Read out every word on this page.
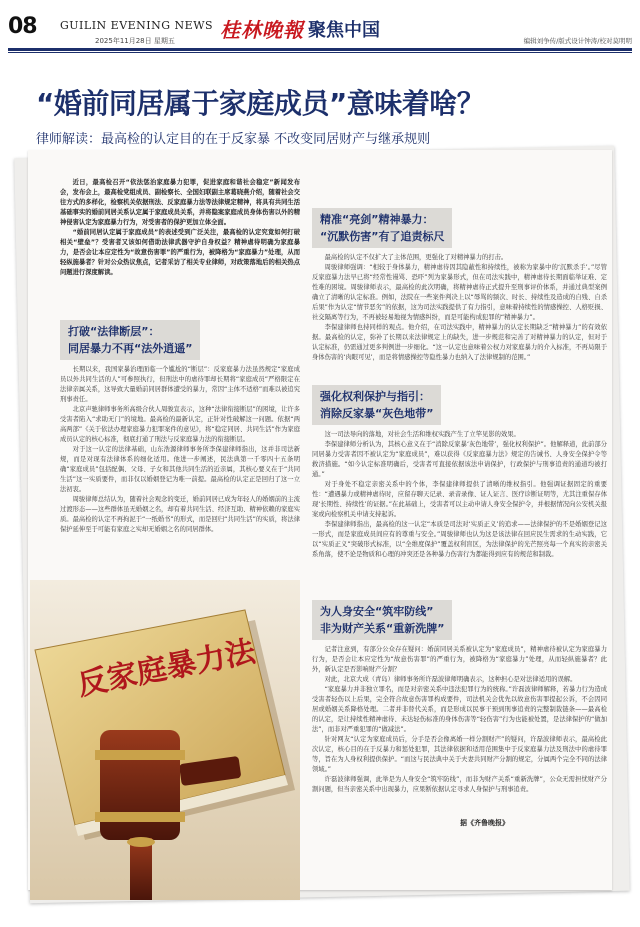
08 GUILIN EVENING NEWS
2025年11月28日 星期五 桂林晚報 聚焦中国	编辑刘争传/版式设计钟涛/校对莫明明
“婚前同居属于家庭成员”意味着啥？
律师解读：最高检的认定目的在于反家暴 不改变同居财产与继承规则

近日，最高检召开“依法惩治家庭暴力犯罪，促进家庭和谐社会稳定”新闻发布会，发布会上，最高检党组成员、副检察长、全国妇联副主席葛晓燕介绍，随着社会交往方式的多样化，检察机关依据刑法、反家庭暴力法等法律规定精神，将具有共同生活基础事实的婚前同居关系认定属于家庭成员关系，并将隐案家庭成员身体伤害以外的精神侵害认定为家庭暴力行为，对受害者的保护更加立体全面。

“婚前同居认定属于家庭成员”的表述受到广泛关注，最高检的认定究竟如何打破相关“壁垒”？受害者又该如何借助法律武器守护自身权益？精神虐待明确为家庭暴力，是否会让本应定性为“故意伤害罪”的严重行为，被降格为“家庭暴力”处理，从而轻纵施暴者？针对公众热议焦点，记者采访了相关专业律师，对政策落地后的相关热点问题进行深度解读。

打破“法律断层”：
同居暴力不再“法外逍遥”

长期以来，我国家暴治理面临一个尴尬的“断层”：反家庭暴力法虽然规定“家庭成员以外共同生活的人”可参照执行，但刑法中的虐待罪却长期将“家庭成员”严格限定在法律亲属关系，这导致大量婚前同居群体遭受的暴力，常因“主体不适格”而难以被追究刑事责任。

北京声驰律师事务所高级合伙人周骏宣表示，这种“法律衔接断层”的困境，让许多受害者陷入“求助无门”的境地。最高检的最新认定，正针对性破解这一问题。依据“两高两部”《关于依法办理家庭暴力犯罪案件的意见》，将“稳定同居、共同生活”作为家庭成员认定的核心标准，彻底打通了刑法与反家庭暴力法的衔接断层。

对于这一认定的法律基础，山东浩源律师事务所李保建律师指出，这并非司法新规，而是对现有法律体系的细化适用。他进一步阐述，民法典第一千零四十五条明确“家庭成员”包括配偶、父母、子女和其他共同生活的近亲属，其核心要义在于“共同生活”这一实质要件，而非仅以婚姻登记为唯一前提。最高检的认定正是回归了这一立法初衷。

周骏律师总结认为，随着社会观念的变迁，婚前同居已成为年轻人的婚姻前的主流过渡形态——这些群体虽无婚姻之名，却有着共同生活、经济互助、精神依赖的家庭实质。最高检的认定不再拘泥于“一纸婚书”的形式，而是回归“共同生活”的实质，将法律保护延伸至于可能有家庭之实却无婚姻之名的同居群体。

精准“亮剑”精神暴力：
“沉默伤害”有了追责标尺

最高检的认定不仅扩大了主体范围，更强化了对精神暴力的打击。

周骏律师强调：“相较于身体暴力，精神虐待因其隐蔽性和持续性，被称为家暴中的‘沉默杀手’。”尽管反家庭暴力法早已将“经常性谩骂、恐吓”列为家暴形式，但在司法实践中，精神虐待长期面临举证难、定性难的困境。周骏律师表示，最高检的此次明确，将精神虐待正式提升至刑事评价体系，并通过典型案例确立了清晰的认定标准。例如，法院在一些案件判决上以“辱骂的频次、时长、持续性及造成的自残、自杀后果”作为认定“情节恶劣”的依据，这为司法实践提供了有力指引，意味着持续性的情感操控、人格贬损、社交隔离等行为，不再被轻易地视为情感纠纷，而是可能构成犯罪的“精神暴力”。

李保建律师也持同样的观点。他介绍，在司法实践中，精神暴力的认定长期缺乏“精神暴力”的有效依据。最高检的认定，弥补了长期以来法律规定上的缺失，进一步规范和完善了对精神暴力的认定，但对于认定标准，仍需通过更多判例进一步细化。“这一认定也意味着公权力对家庭暴力的介入标准，不再局限于身体伤害的‘肉眼可见’，而是将情感操控等隐性暴力也纳入了法律规制的范围。”

强化权利保护与指引：
消除反家暴“灰色地带”

这一司法导向的落地，对社会生活和维权实践产生了立竿见影的效果。

李保建律师分析认为，其核心意义在于“消除反家暴‘灰色地带’，强化权利保护”。他解释道，此前部分同居暴力受害者因不被认定为“家庭成员”，难以获得《反家庭暴力法》规定的告诫书、人身安全保护令等救济措施。“如今认定标准明确后，受害者可直接依据该法申请保护，行政保护与刑事追责的通道均被打通。”

对于身处不稳定亲密关系中的个体，李保建律师提供了清晰的维权指引。他强调证据固定的重要性：“遭遇暴力或精神虐待时，应留存聊天记录、录音录像、证人证言、医疗诊断证明等，尤其注重保存体现‘长期性、持续性’的证据。”在此基础上，受害者可以主动申请人身安全保护令，并根据情况向公安机关报案或向检察机关申请支持起诉。

李保建律师指出，最高检的这一认定“本质是司法对‘实质正义’的追求——法律保护的不是婚姻登记这一形式，而是家庭成员间应有的尊重与安全。”周骏律师也认为这是该法律在回应民生需求的生动实践，它以“实质正义”突破形式标准，以“全维度保护”覆盖权利盲区，为法律保护的光芒照亮每一个真实的亲密关系角落，使不论是物质和心理的冲突还是各种暴力伤害行为都能得到应有的规范和制裁。

为人身安全“筑牢防线”
非为财产关系“重新洗牌”

记者注意到，有部分公众存在疑问：婚前同居关系被认定为“家庭成员”，精神虐待被认定为家庭暴力行为，是否会让本应定性为“故意伤害罪”的严重行为，被降格为“家庭暴力”处理，从而轻纵施暴者？此外，新认定是否影响财产分割？

对此，北京大成（青岛）律师事务所许磊波律师明确表示，这种担心是对法律适用的误解。

“家庭暴力并非独立罪名，而是对亲密关系中违法犯罪行为的统称。”许磊波律师解释，若暴力行为造成受害者轻伤以上后果，完全符合故意伤害罪构成要件，司法机关会优先以故意伤害罪提起公诉，不会因同居或婚姻关系降格处理。二者并非替代关系，而是形成以民事干预到刑事追责的完整制裁链条——最高检的认定，是让持续性精神虐待、未达轻伤标准的身体伤害等“轻伤害”行为也能被处置，是法律保护的“做加法”，而非对严重犯罪的“做减法”。

针对网友“认定为家庭成员后，分手是否会像离婚一样分割财产”的疑问，许磊波律师表示，最高检此次认定，核心目的在于反暴力和惩处犯罪，其法律依据和适用范围集中于反家庭暴力法及刑法中的虐待罪等，旨在为人身权利提供保护。“而这与民法典中关于夫妻共同财产分割的规定，分属两个完全不同的法律领域。”

许磊波律师强调，此举是为人身安全“筑牢防线”，而非为财产关系“重新洗牌”，公众无需担忧财产分割问题，但当亲密关系中出现暴力，应果断依据认定寻求人身保护与刑事追责。

据《齐鲁晚报》
反家庭暴力法
